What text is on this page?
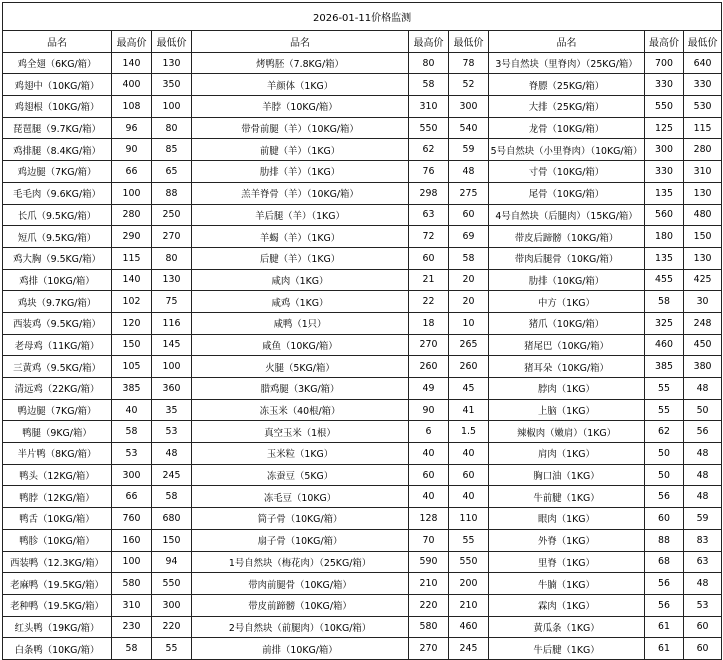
2026-01-11价格监测								
品名	最高价	最低价	品名	最高价	最低价	品名	最高价	最低价
鸡全翅（6KG/箱）	140	130	烤鸭胚（7.8KG/箱）	80	78	3号自然块（里脊肉）（25KG/箱）	700	640
鸡翅中（10KG/箱）	400	350	羊颜体（1KG）	58	52	脊膘（25KG/箱）	330	330
鸡翅根（10KG/箱）	108	100	羊脖（10KG/箱）	310	300	大排（25KG/箱）	550	530
琵琶腿（9.7KG/箱）	96	80	带骨前腿（羊）（10KG/箱）	550	540	龙骨（10KG/箱）	125	115
鸡排腿（8.4KG/箱）	90	85	前腱（羊）（1KG）	62	59	5号自然块（小里脊肉）（10KG/箱）	300	280
鸡边腿（7KG/箱）	66	65	肋排（羊）（1KG）	76	48	寸骨（10KG/箱）	330	310
毛毛肉（9.6KG/箱）	100	88	羔羊脊骨（羊）（10KG/箱）	298	275	尾骨（10KG/箱）	135	130
长爪（9.5KG/箱）	280	250	羊后腿（羊）（1KG）	63	60	4号自然块（后腿肉）（15KG/箱）	560	480
短爪（9.5KG/箱）	290	270	羊蝎（羊）（1KG）	72	69	带皮后蹄髈（10KG/箱）	180	150
鸡大胸（9.5KG/箱）	115	80	后腱（羊）（1KG）	60	58	带肉后腿骨（10KG/箱）	135	130
鸡排（10KG/箱）	140	130	咸肉（1KG）	21	20	肋排（10KG/箱）	455	425
鸡块（9.7KG/箱）	102	75	咸鸡（1KG）	22	20	中方（1KG）	58	30
西装鸡（9.5KG/箱）	120	116	咸鸭（1只）	18	10	猪爪（10KG/箱）	325	248
老母鸡（11KG/箱）	150	145	咸鱼（10KG/箱）	270	265	猪尾巴（10KG/箱）	460	450
三黄鸡（9.5KG/箱）	105	100	火腿（5KG/箱）	260	260	猪耳朵（10KG/箱）	385	380
清远鸡（22KG/箱）	385	360	腊鸡腿（3KG/箱）	49	45	脖肉（1KG）	55	48
鸭边腿（7KG/箱）	40	35	冻玉米（40根/箱）	90	41	上脑（1KG）	55	50
鸭腿（9KG/箱）	58	53	真空玉米（1根）	6	1.5	辣椒肉（嫩肩）（1KG）	62	56
半片鸭（8KG/箱）	53	48	玉米粒（1KG）	40	40	肩肉（1KG）	50	48
鸭头（12KG/箱）	300	245	冻蚕豆（5KG）	60	60	胸口油（1KG）	50	48
鸭脖（12KG/箱）	66	58	冻毛豆（10KG）	40	40	牛前腱（1KG）	56	48
鸭舌（10KG/箱）	760	680	筒子骨（10KG/箱）	128	110	眼肉（1KG）	60	59
鸭胗（10KG/箱）	160	150	扇子骨（10KG/箱）	70	55	外脊（1KG）	88	83
西装鸭（12.3KG/箱）	100	94	1号自然块（梅花肉）（25KG/箱）	590	550	里脊（1KG）	68	63
老麻鸭（19.5KG/箱）	580	550	带肉前腿骨（10KG/箱）	210	200	牛腩（1KG）	56	48
老种鸭（19.5KG/箱）	310	300	带皮前蹄髈（10KG/箱）	220	210	霖肉（1KG）	56	53
红头鸭（19KG/箱）	230	220	2号自然块（前腿肉）（10KG/箱）	580	460	黄瓜条（1KG）	61	60
白条鸭（10KG/箱）	58	55	前排（10KG/箱）	270	245	牛后腱（1KG）	61	60
